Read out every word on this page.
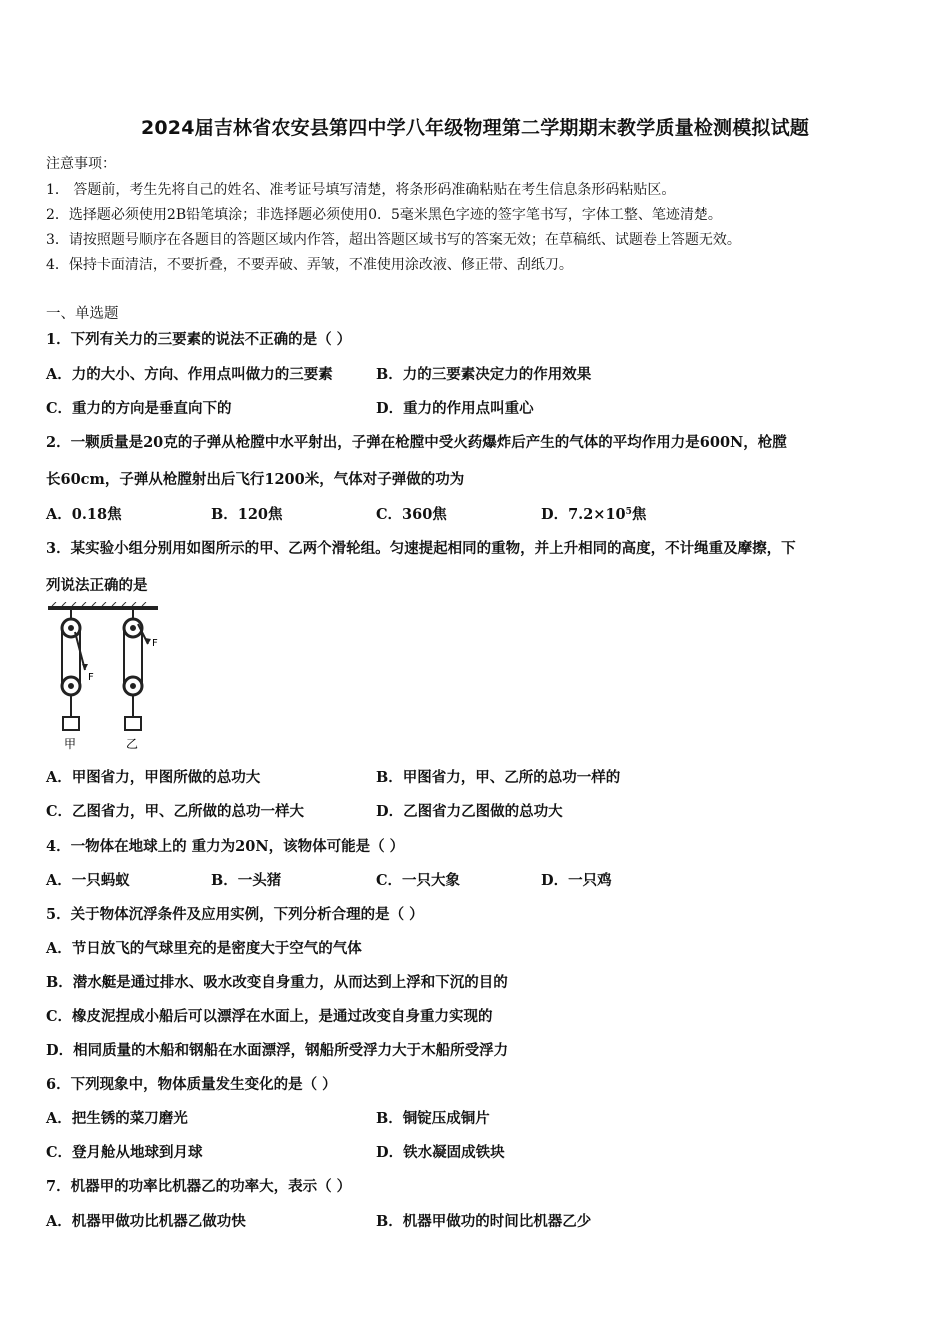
2024届吉林省农安县第四中学八年级物理第二学期期末教学质量检测模拟试题
注意事项：
1． 答题前，考生先将自己的姓名、准考证号填写清楚，将条形码准确粘贴在考生信息条形码粘贴区。
2．选择题必须使用2B铅笔填涂；非选择题必须使用0．5毫米黑色字迹的签字笔书写，字体工整、笔迹清楚。
3．请按照题号顺序在各题目的答题区域内作答，超出答题区域书写的答案无效；在草稿纸、试题卷上答题无效。
4．保持卡面清洁，不要折叠，不要弄破、弄皱，不准使用涂改液、修正带、刮纸刀。
一、单选题
1．下列有关力的三要素的说法不正确的是（ ）
A．力的大小、方向、作用点叫做力的三要素	B．力的三要素决定力的作用效果
C．重力的方向是垂直向下的	D．重力的作用点叫重心
2．一颗质量是20克的子弹从枪膛中水平射出，子弹在枪膛中受火药爆炸后产生的气体的平均作用力是600N，枪膛
长60cm，子弹从枪膛射出后飞行1200米，气体对子弹做的功为
A．0.18焦	B．120焦	C．360焦	D．$7.2\times 10^5$焦
3．某实验小组分别用如图所示的甲、乙两个滑轮组。匀速提起相同的重物，并上升相同的高度，不计绳重及摩擦，下
列说法正确的是
F
甲
F
乙
A．甲图省力，甲图所做的总功大	B．甲图省力，甲、乙所的总功一样的
C．乙图省力，甲、乙所做的总功一样大	D．乙图省力乙图做的总功大
4．一物体在地球上的 重力为20N，该物体可能是（ ）
A．一只蚂蚁	B．一头猪	C．一只大象	D．一只鸡
5．关于物体沉浮条件及应用实例，下列分析合理的是（ ）
A．节日放飞的气球里充的是密度大于空气的气体
B．潜水艇是通过排水、吸水改变自身重力，从而达到上浮和下沉的目的
C．橡皮泥捏成小船后可以漂浮在水面上，是通过改变自身重力实现的
D．相同质量的木船和钢船在水面漂浮，钢船所受浮力大于木船所受浮力
6．下列现象中，物体质量发生变化的是（ ）
A．把生锈的菜刀磨光	B．铜锭压成铜片
C．登月舱从地球到月球	D．铁水凝固成铁块
7．机器甲的功率比机器乙的功率大，表示（ ）
A．机器甲做功比机器乙做功快	B．机器甲做功的时间比机器乙少
